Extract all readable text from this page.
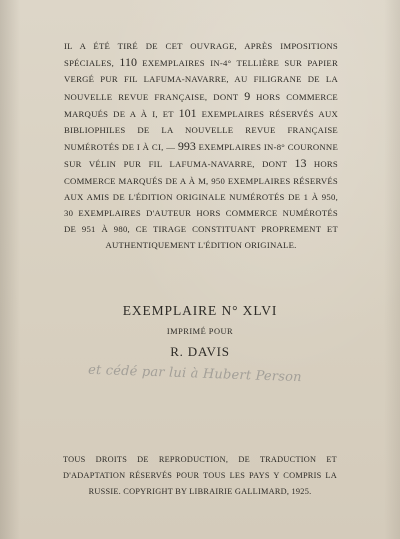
IL A ÉTÉ TIRÉ DE CET OUVRAGE, APRÈS IMPOSITIONS SPÉCIALES, 110 EXEMPLAIRES IN-4° TELLIÈRE SUR PAPIER VERGÉ PUR FIL LAFUMA-NAVARRE, AU FILIGRANE DE LA NOUVELLE REVUE FRANÇAISE, DONT 9 HORS COMMERCE MARQUÉS DE A À I, ET 101 EXEMPLAIRES RÉSERVÉS AUX BIBLIOPHILES DE LA NOUVELLE REVUE FRANÇAISE NUMÉROTÉS DE I À CI, — 993 EXEMPLAIRES IN-8° COURONNE SUR VÉLIN PUR FIL LAFUMA-NAVARRE, DONT 13 HORS COMMERCE MARQUÉS DE A À M, 950 EXEMPLAIRES RÉSERVÉS AUX AMIS DE L'ÉDITION ORIGINALE NUMÉROTÉS DE 1 À 950, 30 EXEMPLAIRES D'AUTEUR HORS COMMERCE NUMÉROTÉS DE 951 À 980, CE TIRAGE CONSTITUANT PROPREMENT ET AUTHENTIQUEMENT L'ÉDITION ORIGINALE.
EXEMPLAIRE N° XLVI
IMPRIMÉ POUR
R. DAVIS
et cédé par lui à Hubert Person
TOUS DROITS DE REPRODUCTION, DE TRADUCTION ET D'ADAPTATION RÉSERVÉS POUR TOUS LES PAYS Y COMPRIS LA RUSSIE. COPYRIGHT BY LIBRAIRIE GALLIMARD, 1925.
